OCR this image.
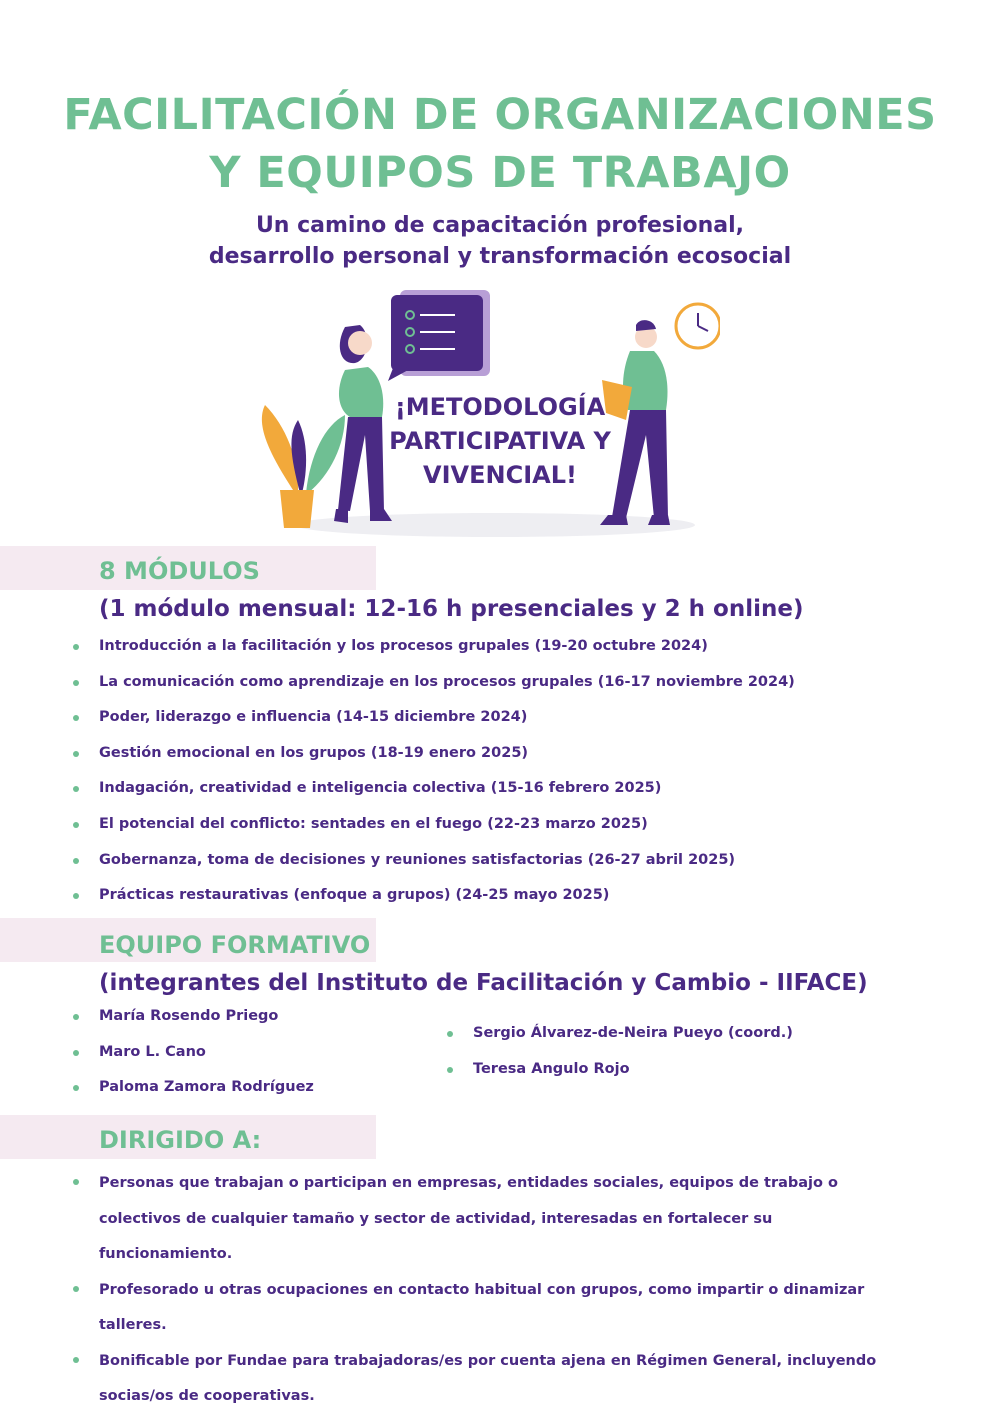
FACILITACIÓN DE ORGANIZACIONES
Y EQUIPOS DE TRABAJO
Un camino de capacitación profesional,
desarrollo personal y transformación ecosocial
¡METODOLOGÍA
PARTICIPATIVA Y
VIVENCIAL!
8 MÓDULOS
(1 módulo mensual: 12-16 h presenciales y 2 h online)
Introducción a la facilitación y los procesos grupales (19-20 octubre 2024)
La comunicación como aprendizaje en los procesos grupales (16-17 noviembre 2024)
Poder, liderazgo e influencia (14-15 diciembre 2024)
Gestión emocional en los grupos (18-19 enero 2025)
Indagación, creatividad e inteligencia colectiva (15-16 febrero 2025)
El potencial del conflicto: sentades en el fuego (22-23 marzo 2025)
Gobernanza, toma de decisiones y reuniones satisfactorias (26-27 abril 2025)
Prácticas restaurativas (enfoque a grupos) (24-25 mayo 2025)
EQUIPO FORMATIVO
(integrantes del Instituto de Facilitación y Cambio - IIFACE)
María Rosendo Priego
Maro L. Cano
Paloma Zamora Rodríguez
Sergio Álvarez-de-Neira Pueyo (coord.)
Teresa Angulo Rojo
DIRIGIDO A:
Personas que trabajan o participan en empresas, entidades sociales, equipos de trabajo o colectivos de cualquier tamaño y sector de actividad, interesadas en fortalecer su funcionamiento.
Profesorado u otras ocupaciones en contacto habitual con grupos, como impartir o dinamizar talleres.
Bonificable por Fundae para trabajadoras/es por cuenta ajena en Régimen General, incluyendo socias/os de cooperativas.
